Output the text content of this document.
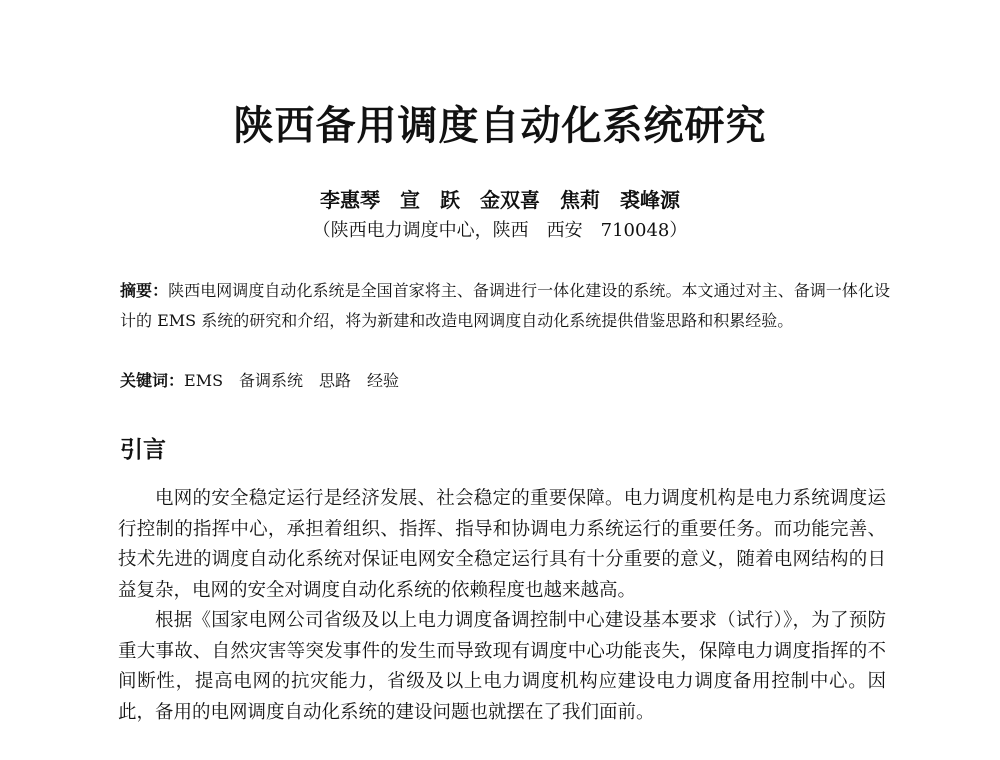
陕西备用调度自动化系统研究
李惠琴　宣　跃　金双喜　焦莉　裘峰源
（陕西电力调度中心，陕西　西安　710048）
摘要：陕西电网调度自动化系统是全国首家将主、备调进行一体化建设的系统。本文通过对主、备调一体化设计的 EMS 系统的研究和介绍，将为新建和改造电网调度自动化系统提供借鉴思路和积累经验。
关键词：EMS　备调系统　思路　经验
引言

电网的安全稳定运行是经济发展、社会稳定的重要保障。电力调度机构是电力系统调度运行控制的指挥中心，承担着组织、指挥、指导和协调电力系统运行的重要任务。而功能完善、技术先进的调度自动化系统对保证电网安全稳定运行具有十分重要的意义，随着电网结构的日益复杂，电网的安全对调度自动化系统的依赖程度也越来越高。

根据《国家电网公司省级及以上电力调度备调控制中心建设基本要求（试行）》，为了预防重大事故、自然灾害等突发事件的发生而导致现有调度中心功能丧失，保障电力调度指挥的不间断性，提高电网的抗灾能力，省级及以上电力调度机构应建设电力调度备用控制中心。因此，备用的电网调度自动化系统的建设问题也就摆在了我们面前。
